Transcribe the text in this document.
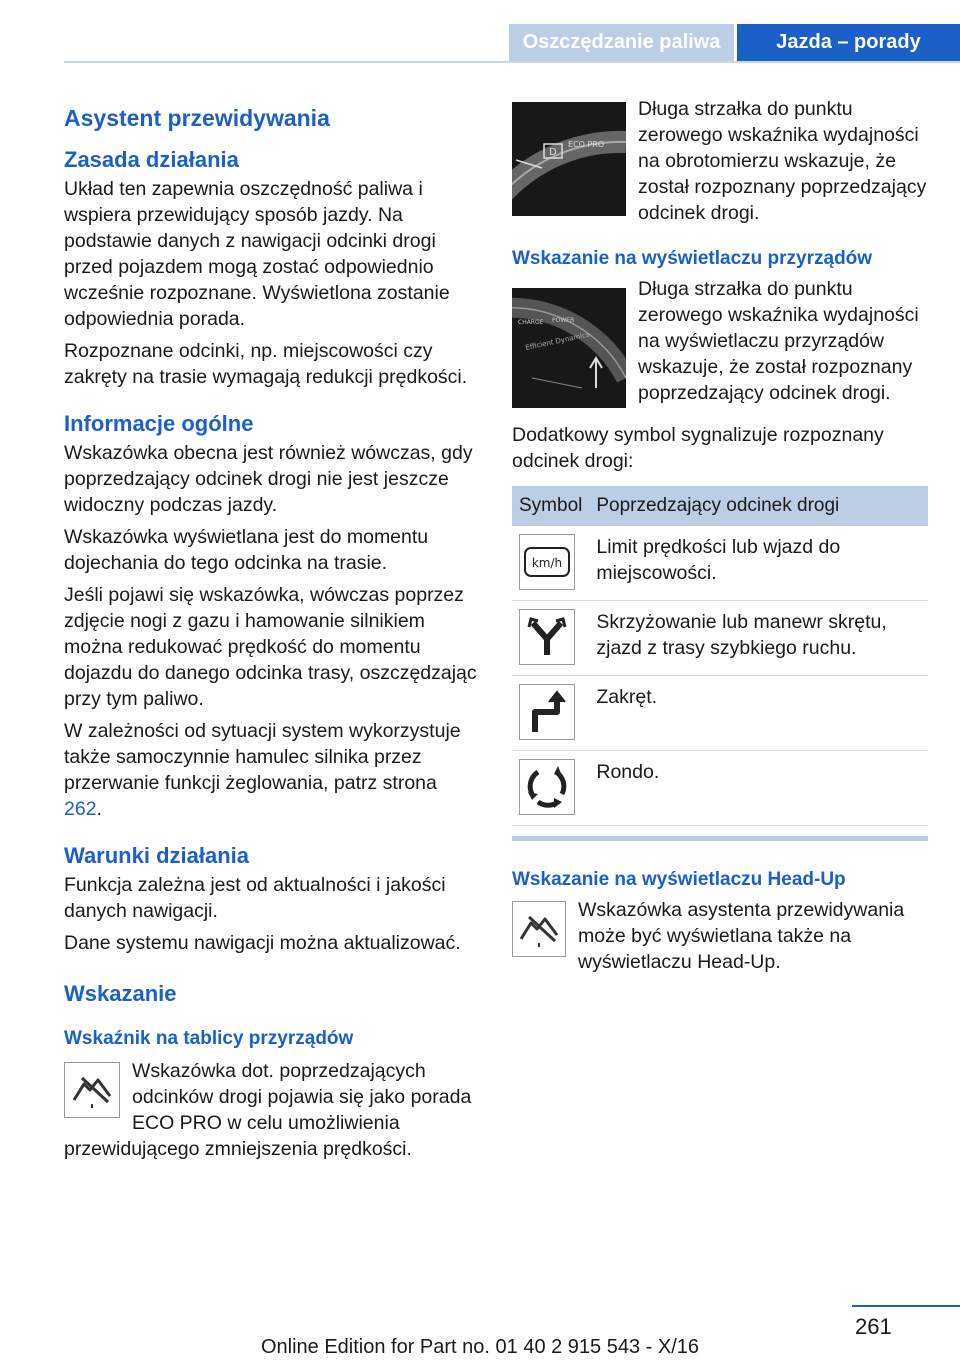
Oszczędzanie paliwa	Jazda – porady
Asystent przewidywania
Zasada działania

Układ ten zapewnia oszczędność paliwa i wspiera przewidujący sposób jazdy. Na podstawie danych z nawigacji odcinki drogi przed pojazdem mogą zostać odpowiednio wcześnie rozpoznane. Wyświetlona zostanie odpowiednia porada.

Rozpoznane odcinki, np. miejscowości czy zakręty na trasie wymagają redukcji prędkości.

Informacje ogólne

Wskazówka obecna jest również wówczas, gdy poprzedzający odcinek drogi nie jest jeszcze widoczny podczas jazdy.

Wskazówka wyświetlana jest do momentu dojechania do tego odcinka na trasie.

Jeśli pojawi się wskazówka, wówczas poprzez zdjęcie nogi z gazu i hamowanie silnikiem można redukować prędkość do momentu dojazdu do danego odcinka trasy, oszczędzając przy tym paliwo.

W zależności od sytuacji system wykorzystuje także samoczynnie hamulec silnika przez przerwanie funkcji żeglowania, patrz strona 262.

Warunki działania

Funkcja zależna jest od aktualności i jakości danych nawigacji.

Dane systemu nawigacji można aktualizować.

Wskazanie
Wskaźnik na tablicy przyrządów

Wskazówka dot. poprzedzających odcinków drogi pojawia się jako porada ECO PRO w celu umożliwienia przewidującego zmniejszenia prędkości.

D
ECO PRO
Długa strzałka do punktu zerowego wskaźnika wydajności na obrotomierzu wskazuje, że został rozpoznany poprzedzający odcinek drogi.
Wskazanie na wyświetlaczu przyrządów
CHARGE POWER
Efficient Dynamics
Długa strzałka do punktu zerowego wskaźnika wydajności na wyświetlaczu przyrządów wskazuje, że został rozpoznany poprzedzający odcinek drogi.

Dodatkowy symbol sygnalizuje rozpoznany odcinek drogi:

Symbol	Poprzedzający odcinek drogi

km/h	Limit prędkości lub wjazd do miejscowości.

	Skrzyżowanie lub manewr skrętu, zjazd z trasy szybkiego ruchu.

	Zakręt.

	Rondo.
Wskazanie na wyświetlaczu Head-Up
Wskazówka asystenta przewidywania może być wyświetlana także na wyświetlaczu Head-Up.
261
Online Edition for Part no. 01 40 2 915 543 - X/16
